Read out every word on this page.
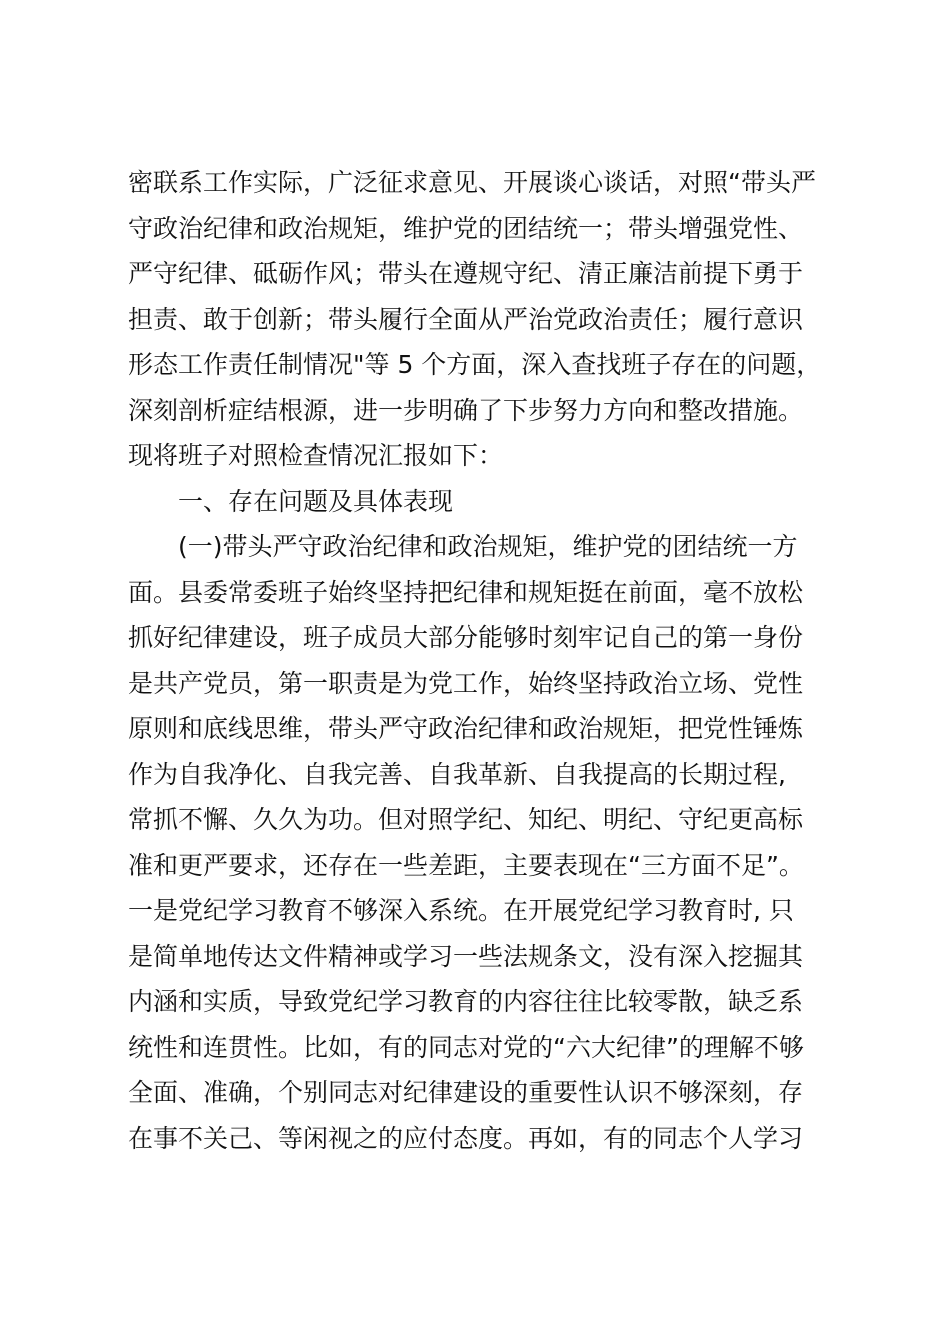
密联系工作实际，广泛征求意见、开展谈心谈话，对照“带头严
守政治纪律和政治规矩，维护党的团结统一；带头增强党性、
严守纪律、砥砺作风；带头在遵规守纪、清正廉洁前提下勇于
担责、敢于创新；带头履行全面从严治党政治责任；履行意识
形态工作责任制情况"等 5 个方面，深入查找班子存在的问题，
深刻剖析症结根源，进一步明确了下步努力方向和整改措施。
现将班子对照检查情况汇报如下：
一、存在问题及具体表现
(一)带头严守政治纪律和政治规矩，维护党的团结统一方
面。县委常委班子始终坚持把纪律和规矩挺在前面，毫不放松
抓好纪律建设，班子成员大部分能够时刻牢记自己的第一身份
是共产党员，第一职责是为党工作，始终坚持政治立场、党性
原则和底线思维，带头严守政治纪律和政治规矩，把党性锤炼
作为自我净化、自我完善、自我革新、自我提高的长期过程,
常抓不懈、久久为功。但对照学纪、知纪、明纪、守纪更高标
准和更严要求，还存在一些差距，主要表现在“三方面不足”。
一是党纪学习教育不够深入系统。在开展党纪学习教育时, 只
是简单地传达文件精神或学习一些法规条文，没有深入挖掘其
内涵和实质，导致党纪学习教育的内容往往比较零散，缺乏系
统性和连贯性。比如，有的同志对党的“六大纪律”的理解不够
全面、准确，个别同志对纪律建设的重要性认识不够深刻，存
在事不关己、等闲视之的应付态度。再如，有的同志个人学习
